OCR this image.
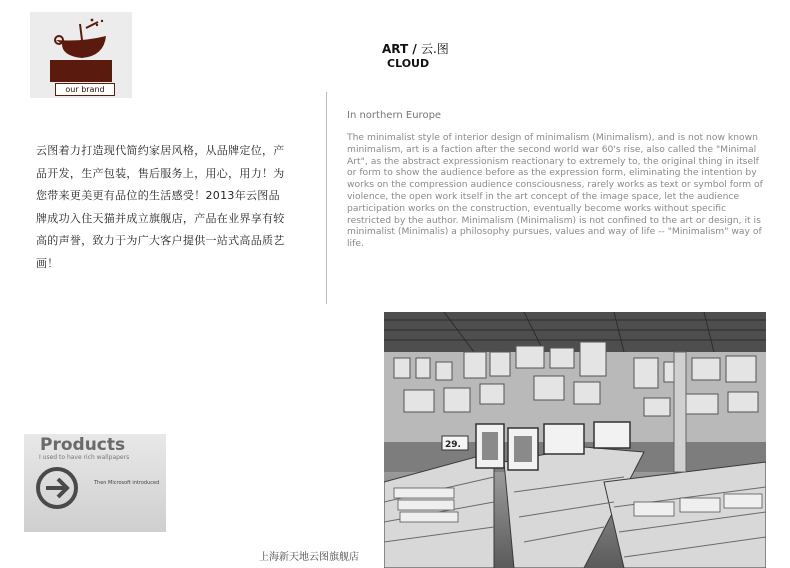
our brand
ART / 云.图
CLOUD
云图着力打造现代简约家居风格，从品牌定位，产品开发，生产包装，售后服务上，用心，用力！为您带来更美更有品位的生活感受！2013年云图品牌成功入住天猫并成立旗舰店，产品在业界享有较高的声誉，致力于为广大客户提供一站式高品质艺画！
In northern Europe
The minimalist style of interior design of minimalism (Minimalism), and is not now known minimalism, art is a faction after the second world war 60's rise, also called the "Minimal Art", as the abstract expressionism reactionary to extremely to, the original thing in itself or form to show the audience before as the expression form, eliminating the intention by works on the compression audience consciousness, rarely works as text or symbol form of violence, the open work itself in the art concept of the image space, let the audience participation works on the construction, eventually become works without specific restricted by the author. Minimalism (Minimalism) is not confined to the art or design, it is minimalist (Minimalis) a philosophy pursues, values and way of life -- "Minimalism" way of life.
Products
I used to have rich wallpapers
Then Microsoft introduced
29.
上海新天地云图旗舰店
